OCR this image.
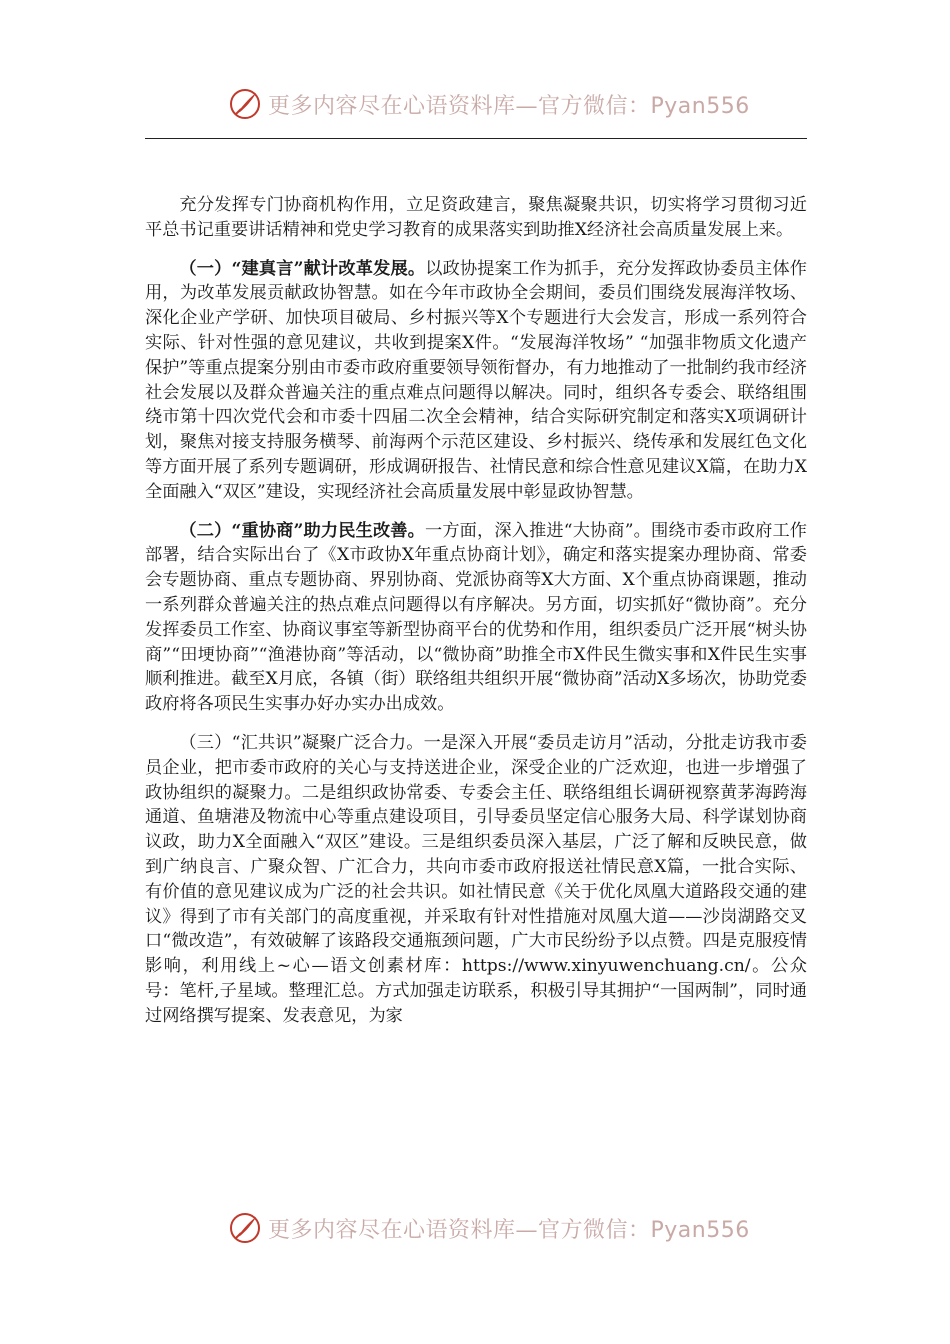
更多内容尽在心语资料库—官方微信：Pyan556

充分发挥专门协商机构作用，立足资政建言，聚焦凝聚共识，切实将学习贯彻习近平总书记重要讲话精神和党史学习教育的成果落实到助推X经济社会高质量发展上来。

（一）“建真言”献计改革发展。以政协提案工作为抓手，充分发挥政协委员主体作用，为改革发展贡献政协智慧。如在今年市政协全会期间，委员们围绕发展海洋牧场、深化企业产学研、加快项目破局、乡村振兴等X个专题进行大会发言，形成一系列符合实际、针对性强的意见建议，共收到提案X件。“发展海洋牧场” “加强非物质文化遗产保护”等重点提案分别由市委市政府重要领导领衔督办，有力地推动了一批制约我市经济社会发展以及群众普遍关注的重点难点问题得以解决。同时，组织各专委会、联络组围绕市第十四次党代会和市委十四届二次全会精神，结合实际研究制定和落实X项调研计划，聚焦对接支持服务横琴、前海两个示范区建设、乡村振兴、绕传承和发展红色文化等方面开展了系列专题调研，形成调研报告、社情民意和综合性意见建议X篇，在助力X全面融入“双区”建设，实现经济社会高质量发展中彰显政协智慧。

（二）“重协商”助力民生改善。一方面，深入推进“大协商”。围绕市委市政府工作部署，结合实际出台了《X市政协X年重点协商计划》，确定和落实提案办理协商、常委会专题协商、重点专题协商、界别协商、党派协商等X大方面、X个重点协商课题，推动一系列群众普遍关注的热点难点问题得以有序解决。另方面，切实抓好“微协商”。充分发挥委员工作室、协商议事室等新型协商平台的优势和作用，组织委员广泛开展“树头协商”“田埂协商”“渔港协商”等活动，以“微协商”助推全市X件民生微实事和X件民生实事顺利推进。截至X月底，各镇（街）联络组共组织开展“微协商”活动X多场次，协助党委政府将各项民生实事办好办实办出成效。

（三）“汇共识”凝聚广泛合力。一是深入开展“委员走访月”活动，分批走访我市委员企业，把市委市政府的关心与支持送进企业，深受企业的广泛欢迎，也进一步增强了政协组织的凝聚力。二是组织政协常委、专委会主任、联络组组长调研视察黄茅海跨海通道、鱼塘港及物流中心等重点建设项目，引导委员坚定信心服务大局、科学谋划协商议政，助力X全面融入“双区”建设。三是组织委员深入基层，广泛了解和反映民意，做到广纳良言、广聚众智、广汇合力，共向市委市政府报送社情民意X篇，一批合实际、有价值的意见建议成为广泛的社会共识。如社情民意《关于优化凤凰大道路段交通的建议》得到了市有关部门的高度重视，并采取有针对性措施对凤凰大道——沙岗湖路交叉口“微改造”，有效破解了该路段交通瓶颈问题，广大市民纷纷予以点赞。四是克服疫情影响，利用线上~心—语文创素材库：https://www.xinyuwenchuang.cn/。公众号：笔杆,子星域。整理汇总。方式加强走访联系，积极引导其拥护“一国两制”，同时通过网络撰写提案、发表意见，为家

更多内容尽在心语资料库—官方微信：Pyan556
